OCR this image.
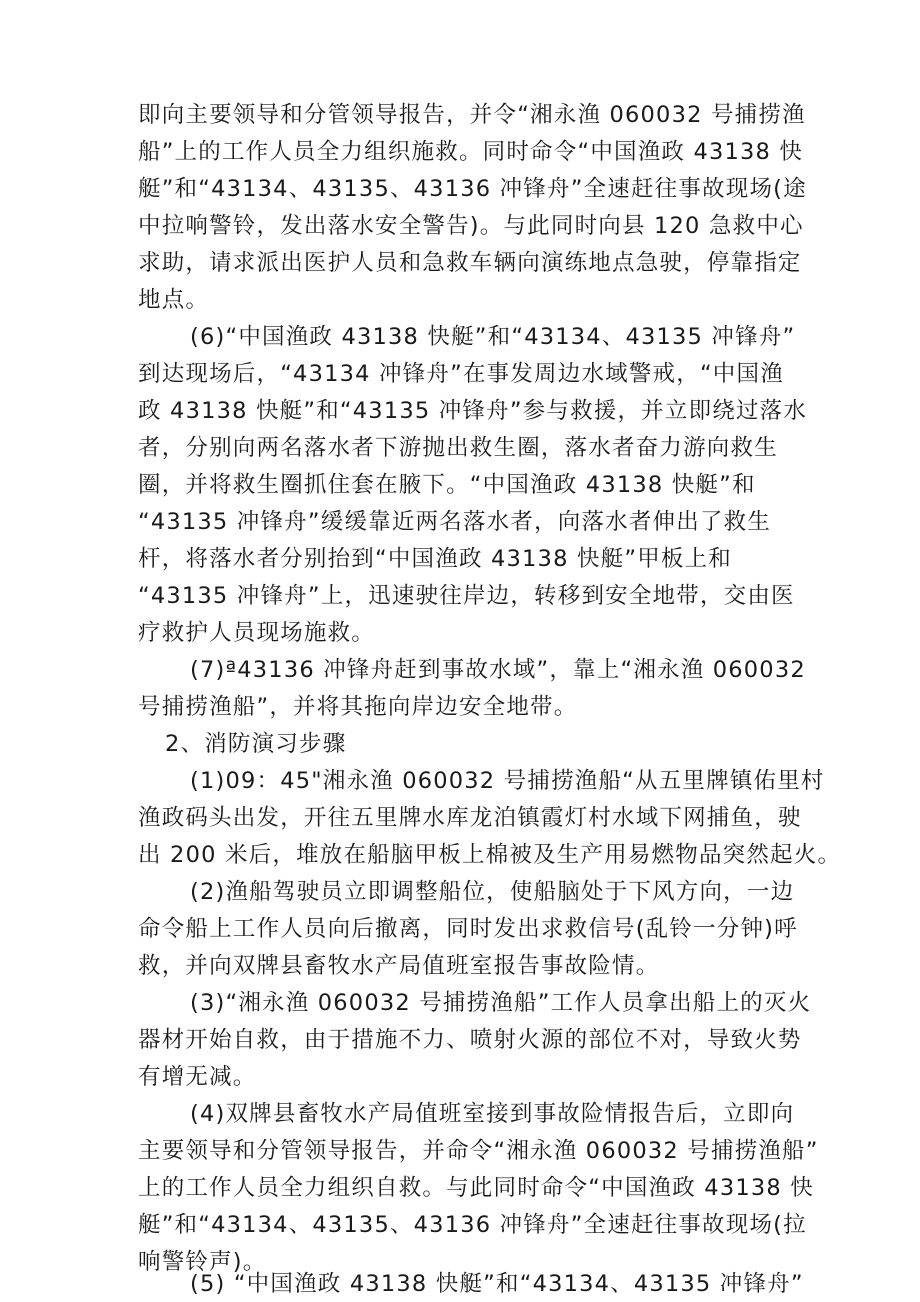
即向主要领导和分管领导报告，并令“湘永渔 060032 号捕捞渔
船”上的工作人员全力组织施救。同时命令“中国渔政 43138 快
艇”和“43134、43135、43136 冲锋舟”全速赶往事故现场(途
中拉响警铃，发出落水安全警告)。与此同时向县 120 急救中心
求助，请求派出医护人员和急救车辆向演练地点急驶，停靠指定
地点。
(6)“中国渔政 43138 快艇”和“43134、43135 冲锋舟”
到达现场后，“43134 冲锋舟”在事发周边水域警戒，“中国渔
政 43138 快艇”和“43135 冲锋舟”参与救援，并立即绕过落水
者，分别向两名落水者下游抛出救生圈，落水者奋力游向救生
圈，并将救生圈抓住套在腋下。“中国渔政 43138 快艇”和
“43135 冲锋舟”缓缓靠近两名落水者，向落水者伸出了救生
杆，将落水者分别抬到“中国渔政 43138 快艇”甲板上和
“43135 冲锋舟”上，迅速驶往岸边，转移到安全地带，交由医
疗救护人员现场施救。
(7)ª43136 冲锋舟赶到事故水域”，靠上“湘永渔 060032
号捕捞渔船”，并将其拖向岸边安全地带。
2、消防演习步骤
(1)09：45"湘永渔 060032 号捕捞渔船“从五里牌镇佑里村
渔政码头出发，开往五里牌水库龙泊镇霞灯村水域下网捕鱼，驶
出 200 米后，堆放在船脑甲板上棉被及生产用易燃物品突然起火。
(2)渔船驾驶员立即调整船位，使船脑处于下风方向，一边
命令船上工作人员向后撤离，同时发出求救信号(乱铃一分钟)呼
救，并向双牌县畜牧水产局值班室报告事故险情。
(3)“湘永渔 060032 号捕捞渔船”工作人员拿出船上的灭火
器材开始自救，由于措施不力、喷射火源的部位不对，导致火势
有增无减。
(4)双牌县畜牧水产局值班室接到事故险情报告后，立即向
主要领导和分管领导报告，并命令“湘永渔 060032 号捕捞渔船”
上的工作人员全力组织自救。与此同时命令“中国渔政 43138 快
艇”和“43134、43135、43136 冲锋舟”全速赶往事故现场(拉
响警铃声)。
(5) “中国渔政 43138 快艇”和“43134、43135 冲锋舟”
